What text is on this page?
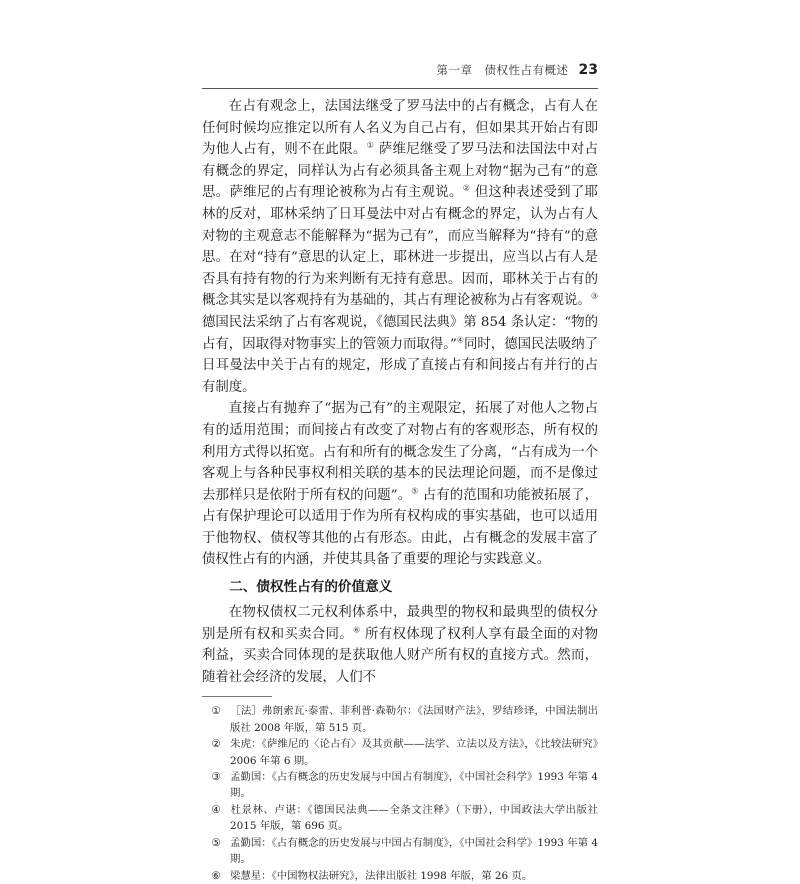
第一章　债权性占有概述 23

在占有观念上，法国法继受了罗马法中的占有概念，占有人在任何时候均应推定以所有人名义为自己占有，但如果其开始占有即为他人占有，则不在此限。① 萨维尼继受了罗马法和法国法中对占有概念的界定，同样认为占有必须具备主观上对物“据为己有”的意思。萨维尼的占有理论被称为占有主观说。② 但这种表述受到了耶林的反对，耶林采纳了日耳曼法中对占有概念的界定，认为占有人对物的主观意志不能解释为“据为己有”，而应当解释为“持有”的意思。在对“持有”意思的认定上，耶林进一步提出，应当以占有人是否具有持有物的行为来判断有无持有意思。因而，耶林关于占有的概念其实是以客观持有为基础的，其占有理论被称为占有客观说。③ 德国民法采纳了占有客观说，《德国民法典》第 854 条认定：“物的占有，因取得对物事实上的管领力而取得。”④同时，德国民法吸纳了日耳曼法中关于占有的规定，形成了直接占有和间接占有并行的占有制度。

直接占有抛弃了“据为己有”的主观限定，拓展了对他人之物占有的适用范围；而间接占有改变了对物占有的客观形态，所有权的利用方式得以拓宽。占有和所有的概念发生了分离，“占有成为一个客观上与各种民事权利相关联的基本的民法理论问题，而不是像过去那样只是依附于所有权的问题”。⑤ 占有的范围和功能被拓展了，占有保护理论可以适用于作为所有权构成的事实基础，也可以适用于他物权、债权等其他的占有形态。由此，占有概念的发展丰富了债权性占有的内涵，并使其具备了重要的理论与实践意义。

二、债权性占有的价值意义

在物权债权二元权利体系中，最典型的物权和最典型的债权分别是所有权和买卖合同。⑥ 所有权体现了权利人享有最全面的对物利益，买卖合同体现的是获取他人财产所有权的直接方式。然而，随着社会经济的发展，人们不

① ［法］弗朗索瓦·泰雷、菲利普·森勒尔：《法国财产法》，罗结珍译，中国法制出版社 2008 年版，第 515 页。

② 朱虎：《萨维尼的〈论占有〉及其贡献——法学、立法以及方法》，《比较法研究》2006 年第 6 期。

③ 孟勤国：《占有概念的历史发展与中国占有制度》，《中国社会科学》1993 年第 4 期。

④ 杜景林、卢谌：《德国民法典——全条文注释》（下册），中国政法大学出版社 2015 年版，第 696 页。

⑤ 孟勤国：《占有概念的历史发展与中国占有制度》，《中国社会科学》1993 年第 4 期。

⑥ 梁慧星：《中国物权法研究》，法律出版社 1998 年版，第 26 页。
